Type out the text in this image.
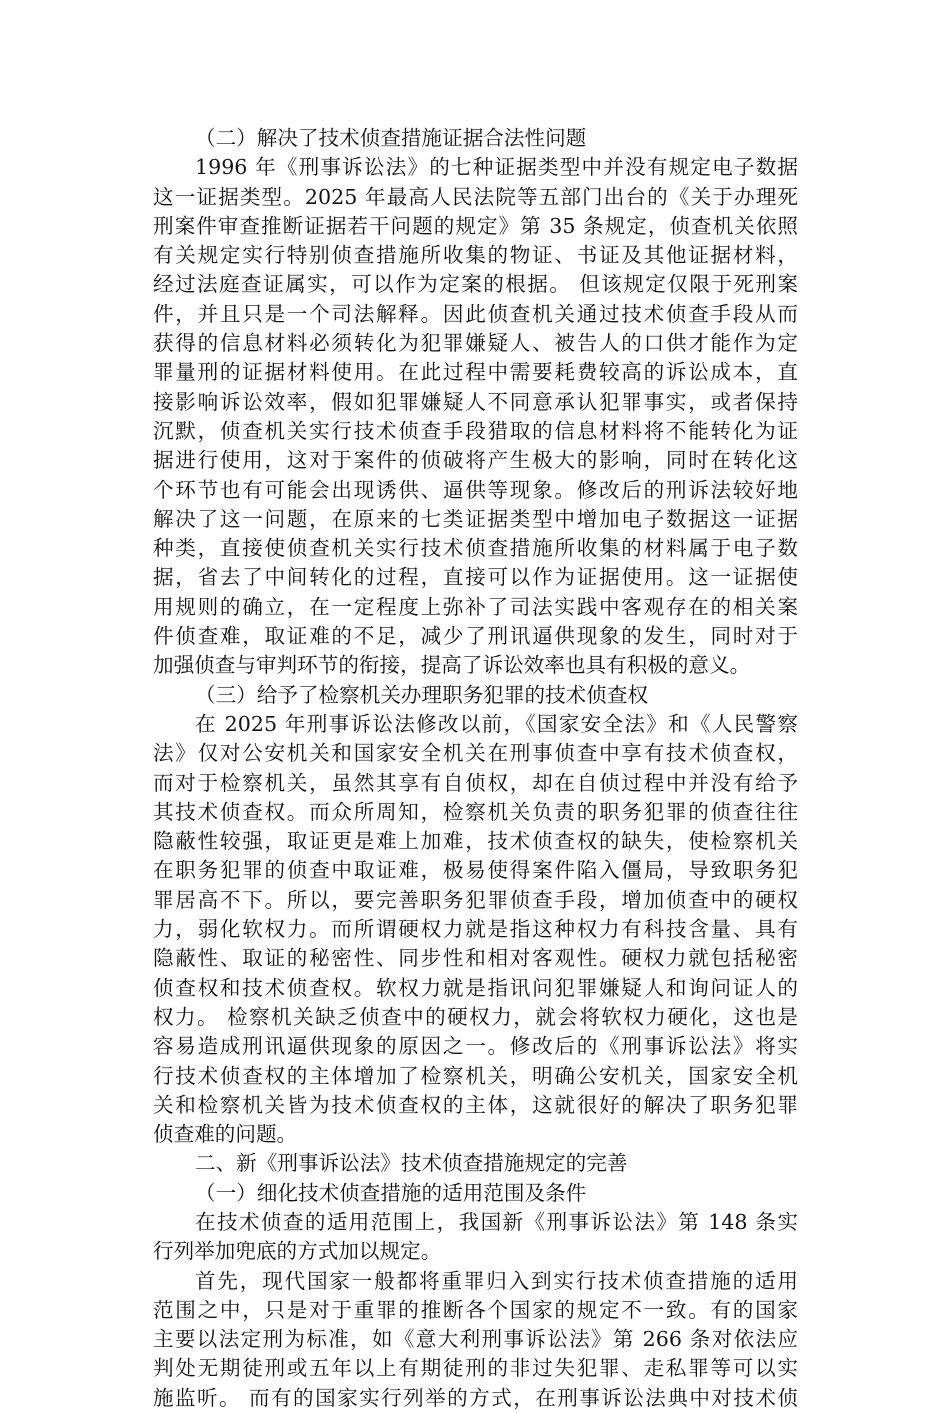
（二）解决了技术侦查措施证据合法性问题
1996 年《刑事诉讼法》的七种证据类型中并没有规定电子数据
这一证据类型。2025 年最高人民法院等五部门出台的《关于办理死
刑案件审查推断证据若干问题的规定》第 35 条规定，侦查机关依照
有关规定实行特别侦查措施所收集的物证、书证及其他证据材料，
经过法庭查证属实，可以作为定案的根据。 但该规定仅限于死刑案
件，并且只是一个司法解释。因此侦查机关通过技术侦查手段从而
获得的信息材料必须转化为犯罪嫌疑人、被告人的口供才能作为定
罪量刑的证据材料使用。在此过程中需要耗费较高的诉讼成本，直
接影响诉讼效率，假如犯罪嫌疑人不同意承认犯罪事实，或者保持
沉默，侦查机关实行技术侦查手段猎取的信息材料将不能转化为证
据进行使用，这对于案件的侦破将产生极大的影响，同时在转化这
个环节也有可能会出现诱供、逼供等现象。修改后的刑诉法较好地
解决了这一问题，在原来的七类证据类型中增加电子数据这一证据
种类，直接使侦查机关实行技术侦查措施所收集的材料属于电子数
据，省去了中间转化的过程，直接可以作为证据使用。这一证据使
用规则的确立，在一定程度上弥补了司法实践中客观存在的相关案
件侦查难，取证难的不足，减少了刑讯逼供现象的发生，同时对于
加强侦查与审判环节的衔接，提高了诉讼效率也具有积极的意义。
（三）给予了检察机关办理职务犯罪的技术侦查权
在 2025 年刑事诉讼法修改以前，《国家安全法》和《人民警察
法》仅对公安机关和国家安全机关在刑事侦查中享有技术侦查权，
而对于检察机关，虽然其享有自侦权，却在自侦过程中并没有给予
其技术侦查权。而众所周知，检察机关负责的职务犯罪的侦查往往
隐蔽性较强，取证更是难上加难，技术侦查权的缺失，使检察机关
在职务犯罪的侦查中取证难，极易使得案件陷入僵局，导致职务犯
罪居高不下。所以，要完善职务犯罪侦查手段，增加侦查中的硬权
力，弱化软权力。而所谓硬权力就是指这种权力有科技含量、具有
隐蔽性、取证的秘密性、同步性和相对客观性。硬权力就包括秘密
侦查权和技术侦查权。软权力就是指讯问犯罪嫌疑人和询问证人的
权力。 检察机关缺乏侦查中的硬权力，就会将软权力硬化，这也是
容易造成刑讯逼供现象的原因之一。修改后的《刑事诉讼法》将实
行技术侦查权的主体增加了检察机关，明确公安机关，国家安全机
关和检察机关皆为技术侦查权的主体，这就很好的解决了职务犯罪
侦查难的问题。
二、新《刑事诉讼法》技术侦查措施规定的完善
（一）细化技术侦查措施的适用范围及条件
在技术侦查的适用范围上，我国新《刑事诉讼法》第 148 条实
行列举加兜底的方式加以规定。
首先，现代国家一般都将重罪归入到实行技术侦查措施的适用
范围之中，只是对于重罪的推断各个国家的规定不一致。有的国家
主要以法定刑为标准，如《意大利刑事诉讼法》第 266 条对依法应
判处无期徒刑或五年以上有期徒刑的非过失犯罪、走私罪等可以实
施监听。 而有的国家实行列举的方式，在刑事诉讼法典中对技术侦
